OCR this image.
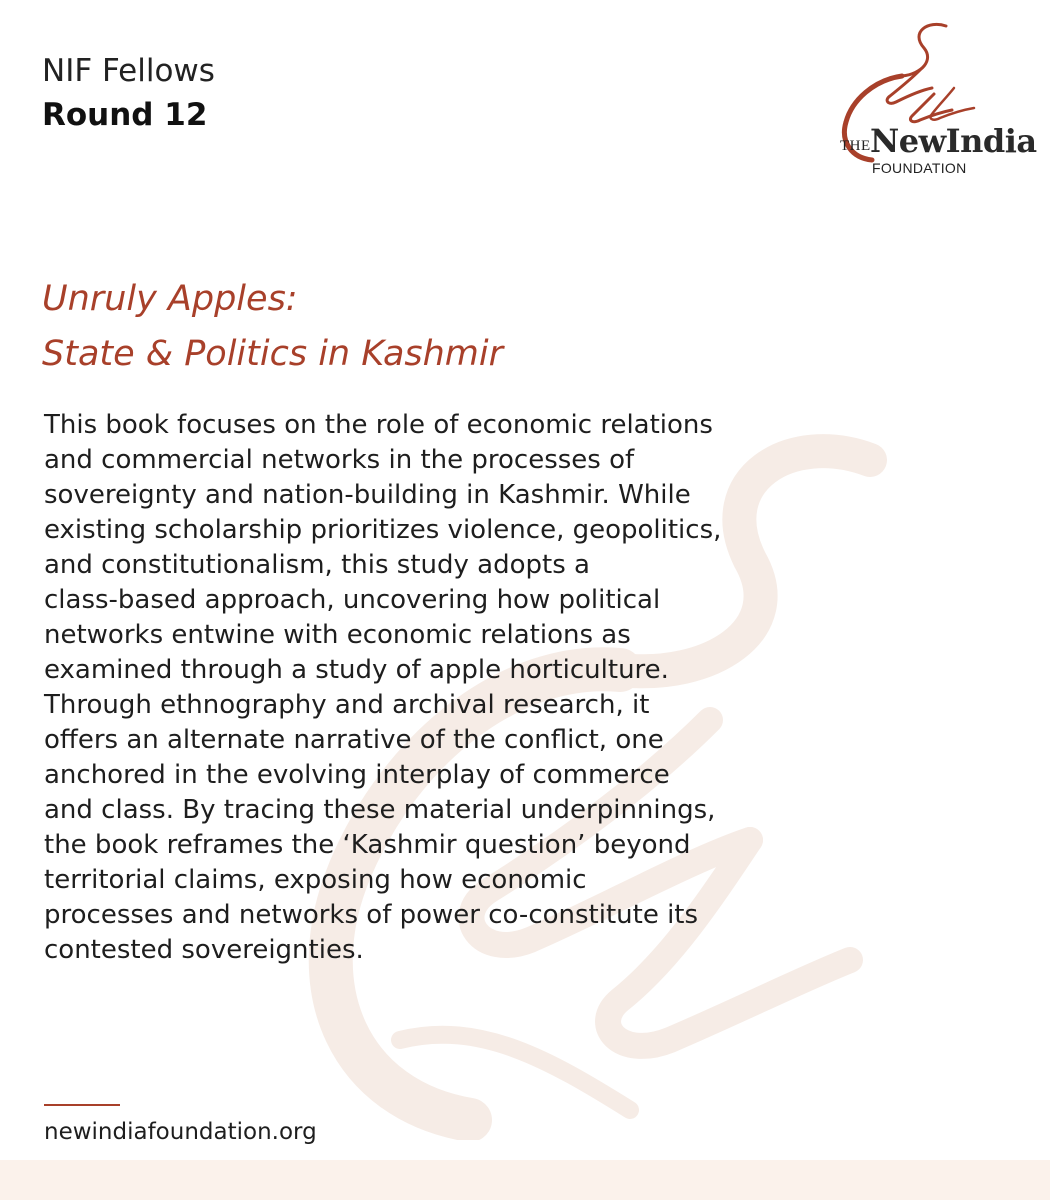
NIF Fellows
Round 12
THE NewIndia
FOUNDATION
Unruly Apples:
State & Politics in Kashmir
This book focuses on the role of economic relations
and commercial networks in the processes of
sovereignty and nation-building in Kashmir. While
existing scholarship prioritizes violence, geopolitics,
and constitutionalism, this study adopts a
class-based approach, uncovering how political
networks entwine with economic relations as
examined through a study of apple horticulture.
Through ethnography and archival research, it
offers an alternate narrative of the conflict, one
anchored in the evolving interplay of commerce
and class. By tracing these material underpinnings,
the book reframes the ‘Kashmir question’ beyond
territorial claims, exposing how economic
processes and networks of power co-constitute its
contested sovereignties.
newindiafoundation.org
